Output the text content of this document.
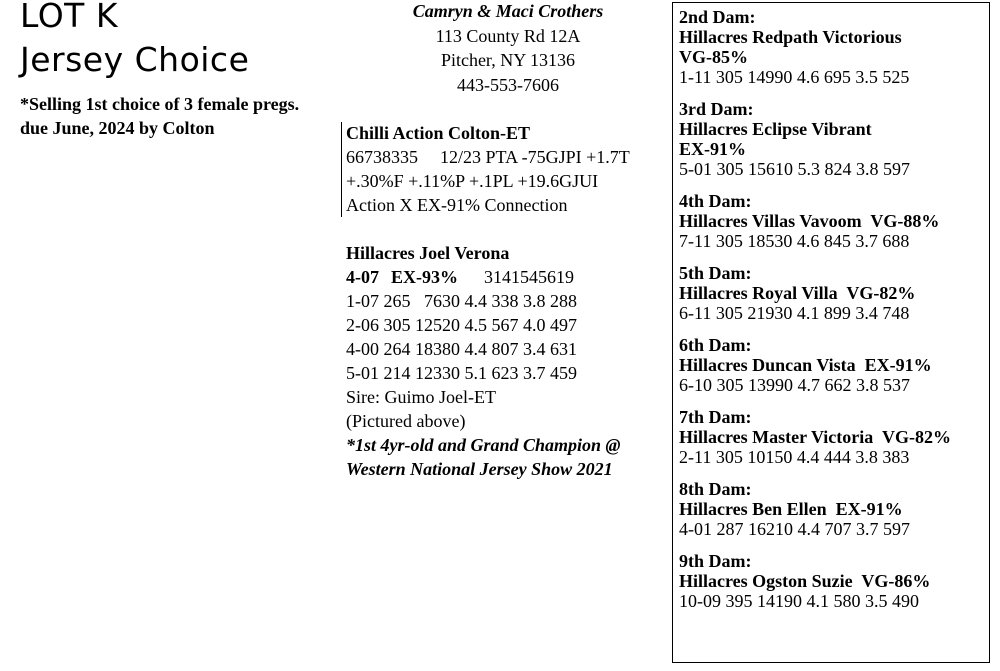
LOT K
Jersey Choice
*Selling 1st choice of 3 female pregs.
due June, 2024 by Colton
Camryn & Maci Crothers
113 County Rd 12A
Pitcher, NY 13136
443-553-7606
Chilli Action Colton-ET
66738335 12/23 PTA -75GJPI +1.7T
+.30%F +.11%P +.1PL +19.6GJUI
Action X EX-91% Connection
Hillacres Joel Verona
4-07 EX-93% 3141545619
1-07 265   7630 4.4 338 3.8 288
2-06 305 12520 4.5 567 4.0 497
4-00 264 18380 4.4 807 3.4 631
5-01 214 12330 5.1 623 3.7 459
Sire: Guimo Joel-ET
(Pictured above)
*1st 4yr-old and Grand Champion @
Western National Jersey Show 2021
2nd Dam:
Hillacres Redpath Victorious
VG-85%
1-11 305 14990 4.6 695 3.5 525
3rd Dam:
Hillacres Eclipse Vibrant
EX-91%
5-01 305 15610 5.3 824 3.8 597
4th Dam:
Hillacres Villas Vavoom  VG-88%
7-11 305 18530 4.6 845 3.7 688
5th Dam:
Hillacres Royal Villa  VG-82%
6-11 305 21930 4.1 899 3.4 748
6th Dam:
Hillacres Duncan Vista  EX-91%
6-10 305 13990 4.7 662 3.8 537
7th Dam:
Hillacres Master Victoria  VG-82%
2-11 305 10150 4.4 444 3.8 383
8th Dam:
Hillacres Ben Ellen  EX-91%
4-01 287 16210 4.4 707 3.7 597
9th Dam:
Hillacres Ogston Suzie  VG-86%
10-09 395 14190 4.1 580 3.5 490
